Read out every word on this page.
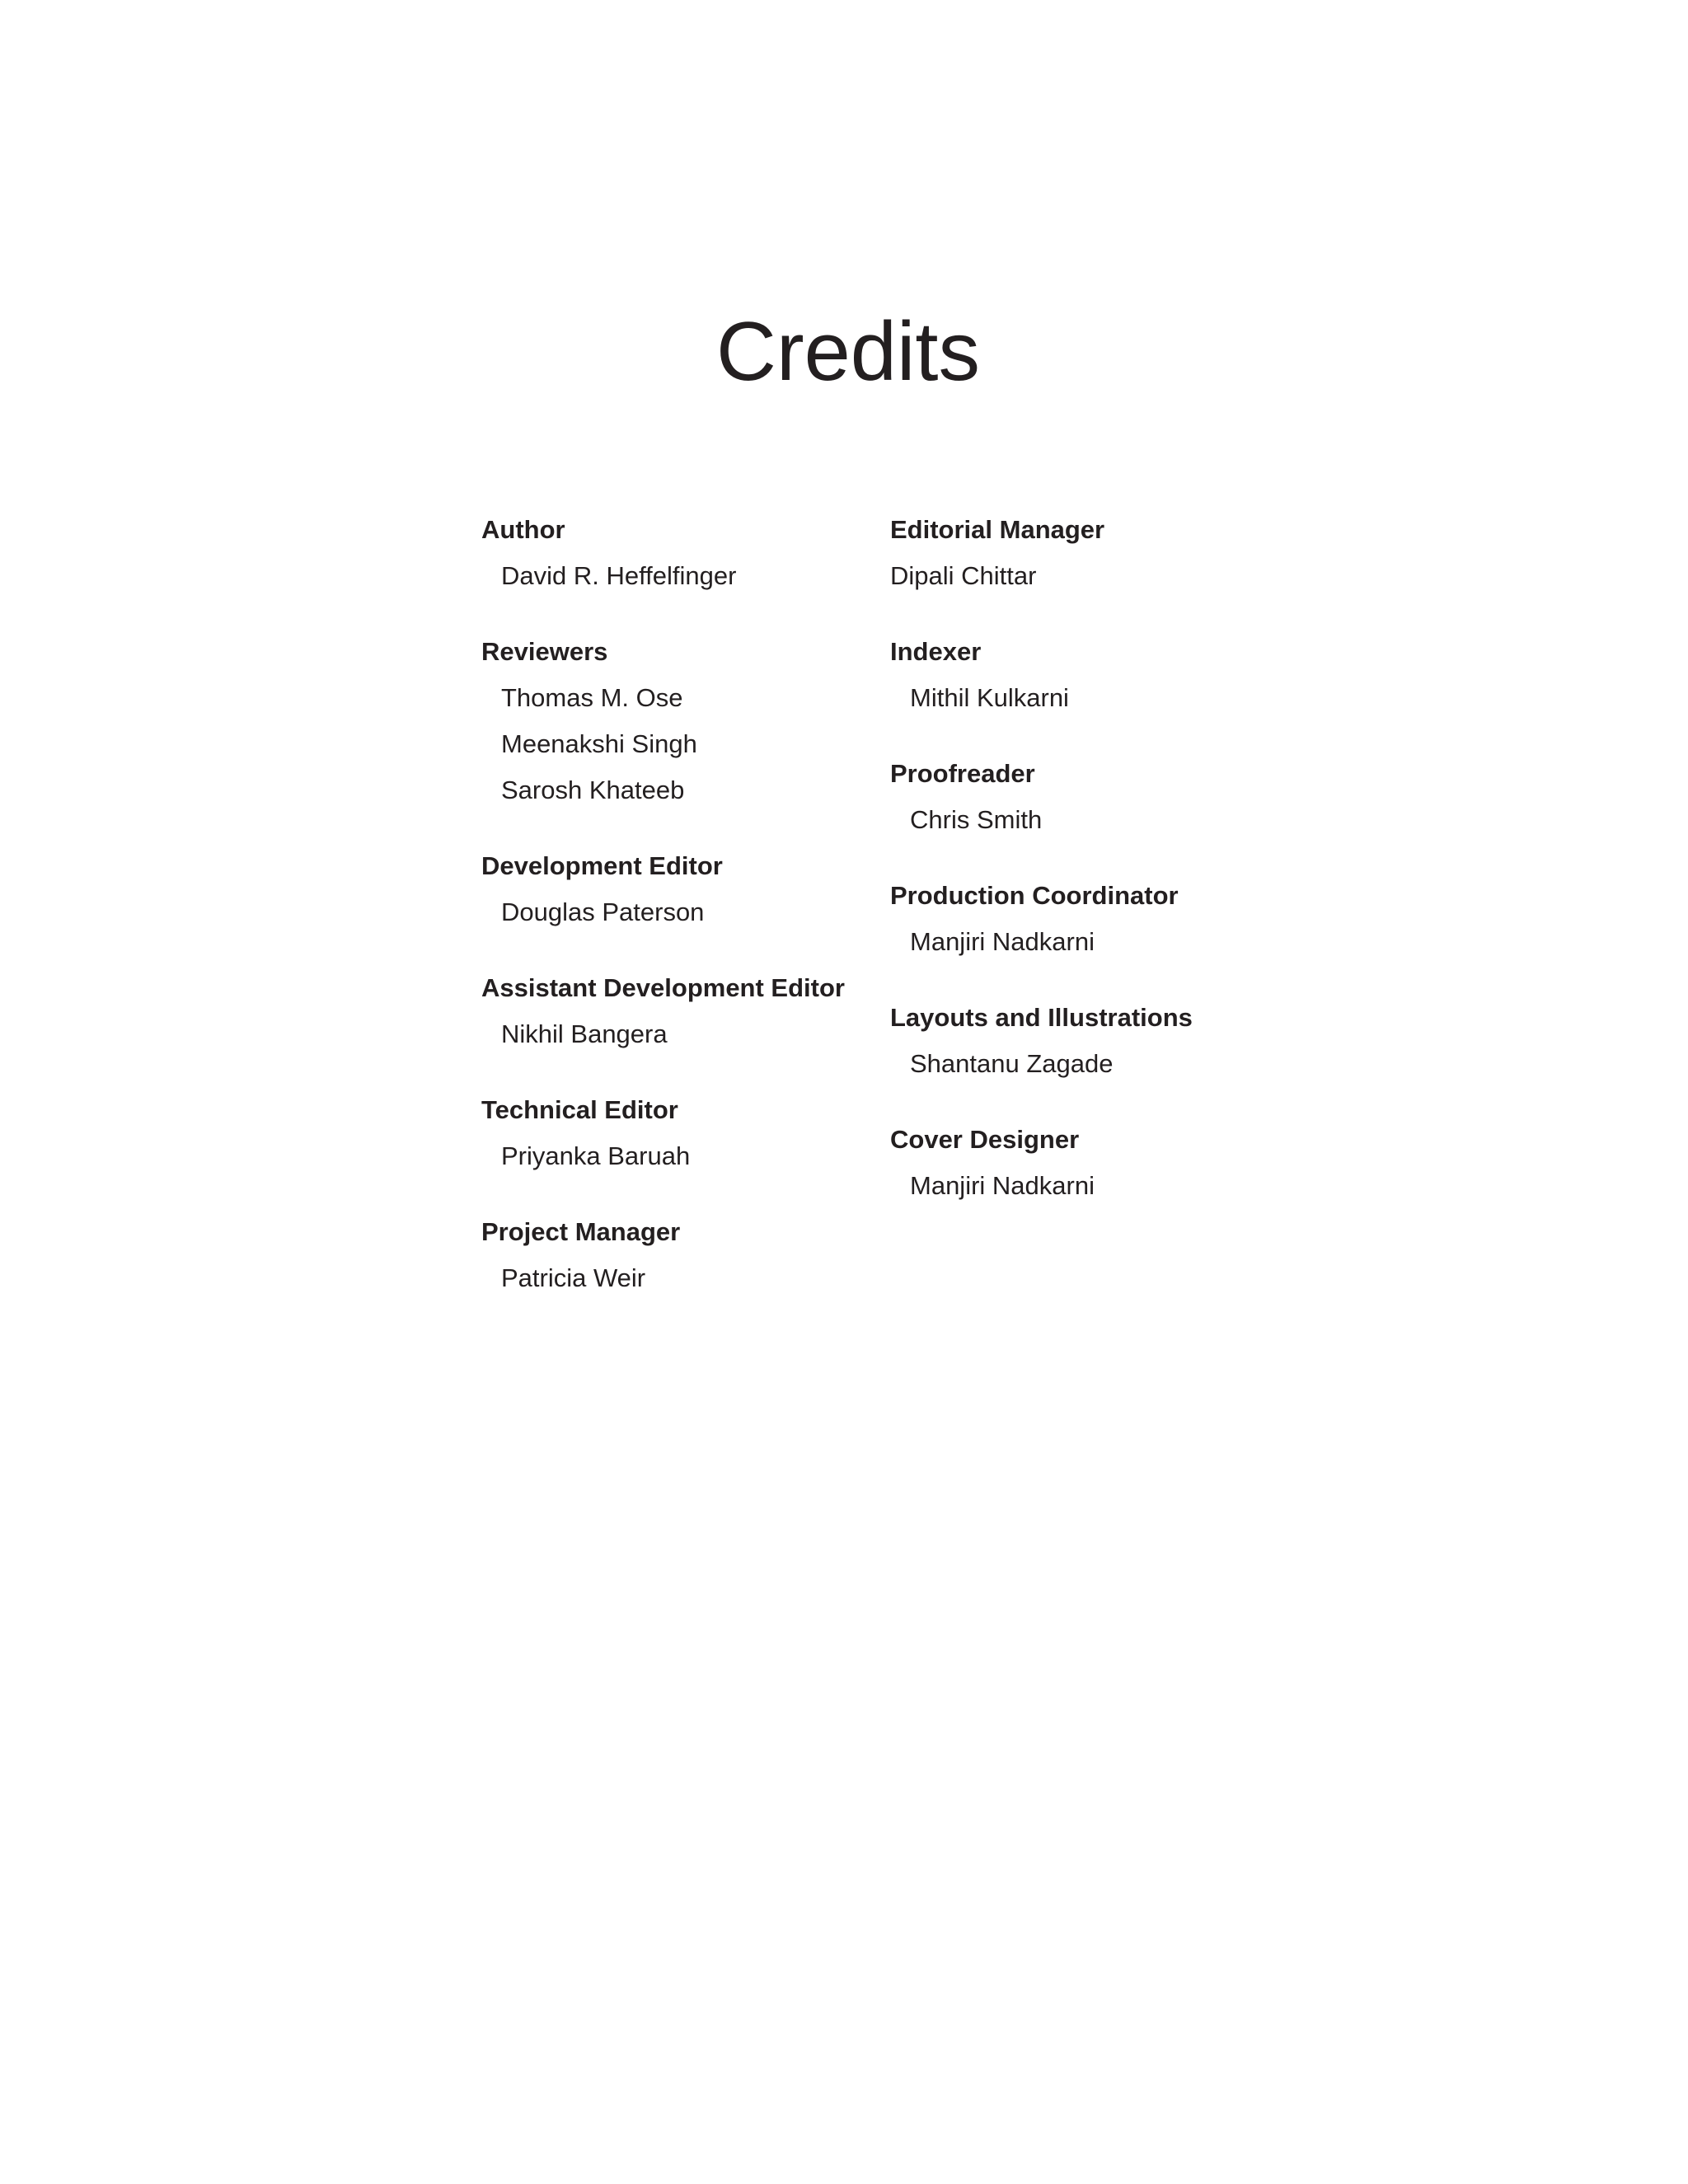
Credits
Author
David R. Heffelfinger
Reviewers
Thomas M. Ose
Meenakshi Singh
Sarosh Khateeb
Development Editor
Douglas Paterson
Assistant Development Editor
Nikhil Bangera
Technical Editor
Priyanka Baruah
Project Manager
Patricia Weir
Editorial Manager
Dipali Chittar
Indexer
Mithil Kulkarni
Proofreader
Chris Smith
Production Coordinator
Manjiri Nadkarni
Layouts and Illustrations
Shantanu Zagade
Cover Designer
Manjiri Nadkarni
